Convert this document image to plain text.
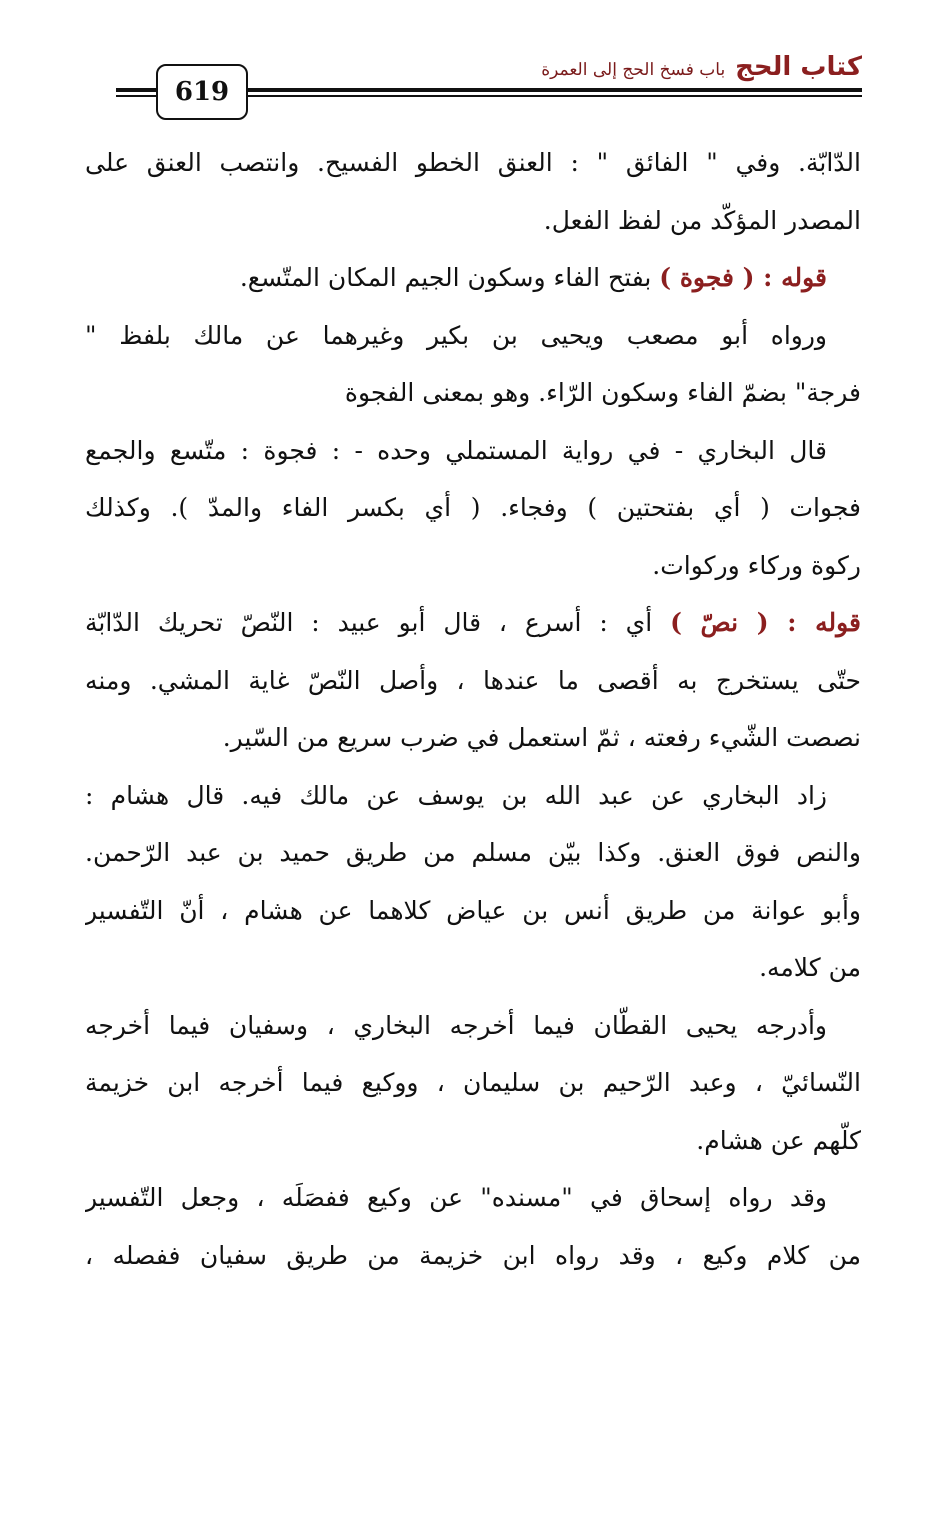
كتاب الحج
باب فسخ الحج إلى العمرة
619
الدّابّة. وفي " الفائق " : العنق الخطو الفسيح. وانتصب العنق على
المصدر المؤكّد من لفظ الفعل.
قوله : ( فجوة ) بفتح الفاء وسكون الجيم المكان المتّسع.
ورواه أبو مصعب ويحيى بن بكير وغيرهما عن مالك بلفظ "
فرجة" بضمّ الفاء وسكون الرّاء. وهو بمعنى الفجوة
قال البخاري - في رواية المستملي وحده - : فجوة : متّسع والجمع
فجوات ( أي بفتحتين ) وفجاء. ( أي بكسر الفاء والمدّ ). وكذلك
ركوة وركاء وركوات.
قوله : ( نصّ ) أي : أسرع ، قال أبو عبيد : النّصّ تحريك الدّابّة
حتّى يستخرج به أقصى ما عندها ، وأصل النّصّ غاية المشي. ومنه
نصصت الشّيء رفعته ، ثمّ استعمل في ضرب سريع من السّير.
زاد البخاري عن عبد الله بن يوسف عن مالك فيه. قال هشام :
والنص فوق العنق. وكذا بيّن مسلم من طريق حميد بن عبد الرّحمن.
وأبو عوانة من طريق أنس بن عياض كلاهما عن هشام ، أنّ التّفسير
من كلامه.
وأدرجه يحيى القطّان فيما أخرجه البخاري ، وسفيان فيما أخرجه
النّسائيّ ، وعبد الرّحيم بن سليمان ، ووكيع فيما أخرجه ابن خزيمة
كلّهم عن هشام.
وقد رواه إسحاق في "مسنده" عن وكيع ففصَلَه ، وجعل التّفسير
من كلام وكيع ، وقد رواه ابن خزيمة من طريق سفيان ففصله ،
